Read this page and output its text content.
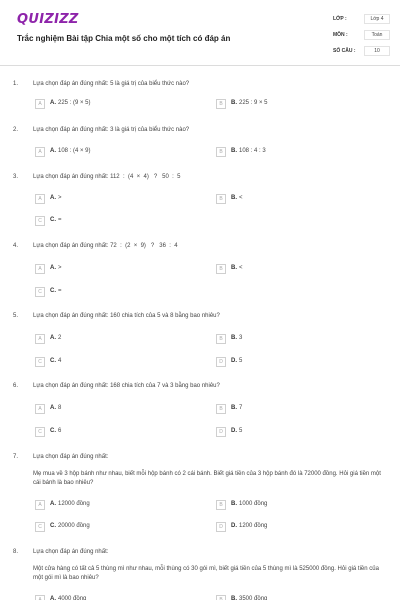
QUIZIZZ
Trắc nghiệm Bài tập Chia một số cho một tích có đáp án
LỚP :	Lớp 4
MÔN :	Toán
SỐ CÂU :	10
1. Lựa chọn đáp án đúng nhất: 5 là giá trị của biểu thức nào?
A	A. 225 : (9 × 5)	B	B. 225 : 9 × 5
2. Lựa chọn đáp án đúng nhất: 3 là giá trị của biểu thức nào?
A	A. 108 : (4 × 9)	B	B. 108 : 4 : 3
3. Lựa chọn đáp án đúng nhất: 112  :  (4  ×  4)   ?   50  :  5
A	A. >	B	B. <
C	C. =
4. Lựa chọn đáp án đúng nhất: 72  :  (2  ×  9)   ?   36  :  4
A	A. >	B	B. <
C	C. =
5. Lựa chọn đáp án đúng nhất: 160 chia tích của 5 và 8 bằng bao nhiêu?
A	A. 2	B	B. 3
C	C. 4	D	D. 5
6. Lựa chọn đáp án đúng nhất: 168 chia tích của 7 và 3 bằng bao nhiêu?
A	A. 8	B	B. 7
C	C. 6	D	D. 5
7. Lựa chọn đáp án đúng nhất:
Mẹ mua về 3 hộp bánh như nhau, biết mỗi hộp bánh có 2 cái bánh. Biết giá tiền của 3 hộp bánh đó là 72000 đồng. Hỏi giá tiền một cái bánh là bao nhiêu?
A	A. 12000 đồng	B	B. 1000 đồng
C	C. 20000 đồng	D	D. 1200 đồng
8. Lựa chọn đáp án đúng nhất:
Một cửa hàng có tất cả 5 thùng mì như nhau, mỗi thùng có 30 gói mì, biết giá tiền của 5 thùng mì là 525000 đồng. Hỏi giá tiền của một gói mì là bao nhiêu?
A	A. 4000 đồng	B	B. 3500 đồng
